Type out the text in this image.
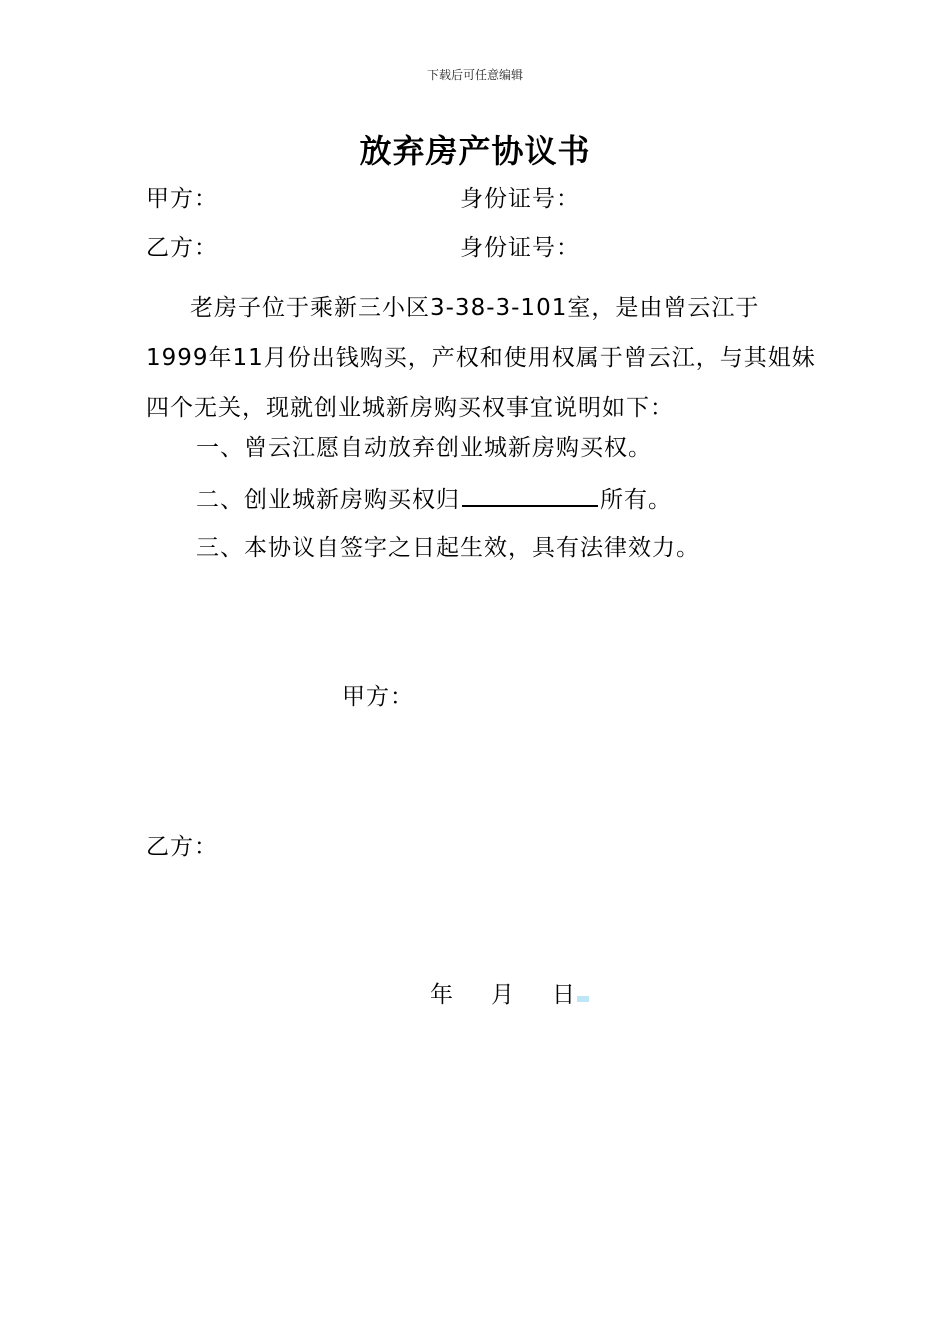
下载后可任意编辑
放弃房产协议书
甲方：	身份证号：
乙方：	身份证号：
老房子位于乘新三小区3-38-3-101室，是由曾云江于1999年11月份出钱购买，产权和使用权属于曾云江，与其姐妹四个无关，现就创业城新房购买权事宜说明如下：
一、曾云江愿自动放弃创业城新房购买权。
二、创业城新房购买权归	所有。
三、本协议自签字之日起生效，具有法律效力。
甲方：
乙方：
年 月 日
